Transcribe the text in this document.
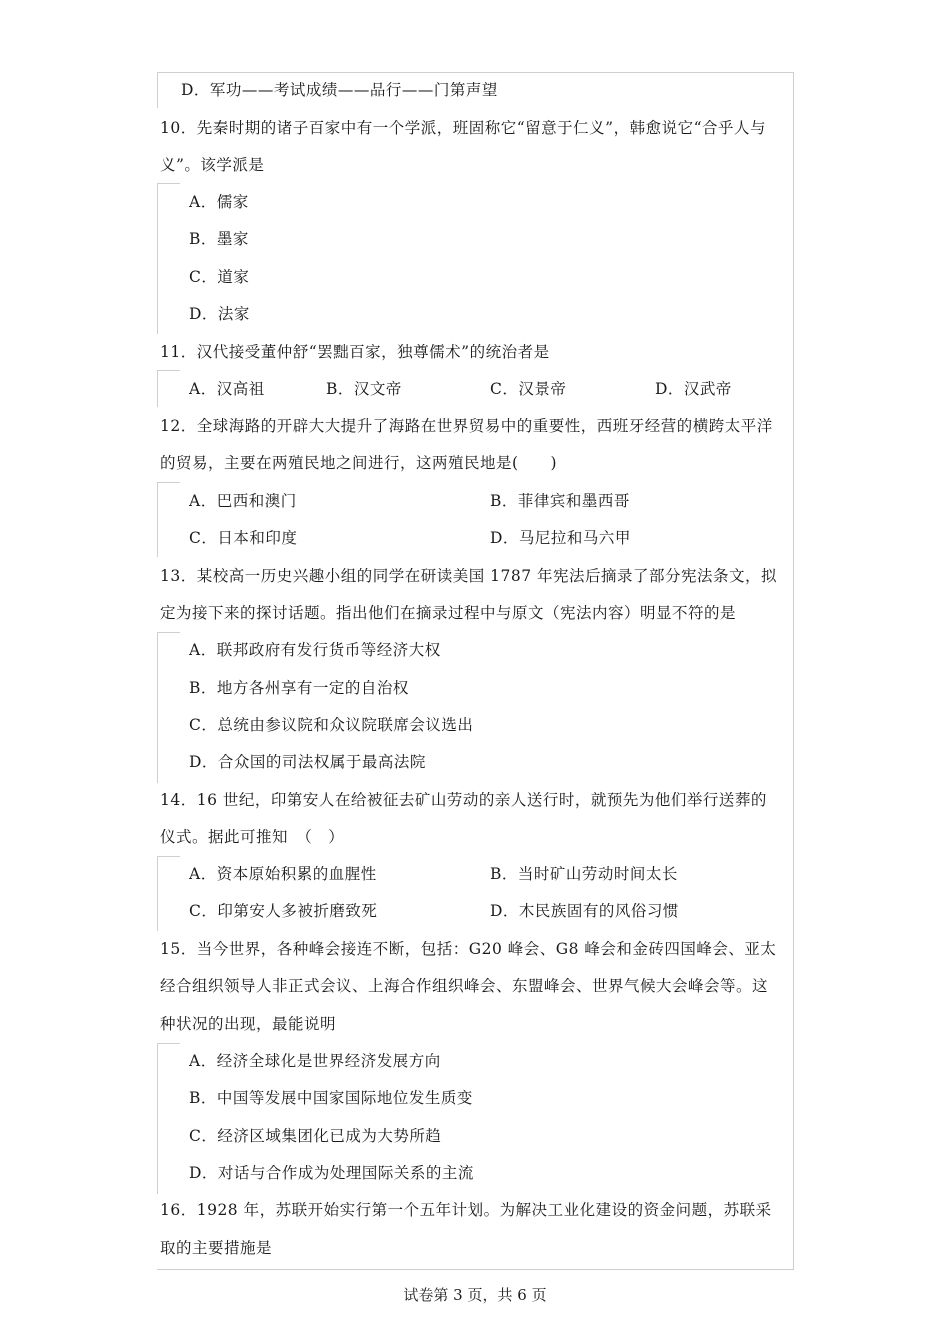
D．军功——考试成绩——品行——门第声望
10．先秦时期的诸子百家中有一个学派，班固称它“留意于仁义”，韩愈说它“合乎人与
义”。该学派是
A．儒家
B．墨家
C．道家
D．法家
11．汉代接受董仲舒“罢黜百家，独尊儒术”的统治者是
A．汉高祖	B．汉文帝	C．汉景帝	D．汉武帝
12．全球海路的开辟大大提升了海路在世界贸易中的重要性，西班牙经营的横跨太平洋
的贸易，主要在两殖民地之间进行，这两殖民地是(　　)
A．巴西和澳门	B．菲律宾和墨西哥
C．日本和印度	D．马尼拉和马六甲
13．某校高一历史兴趣小组的同学在研读美国 1787 年宪法后摘录了部分宪法条文，拟
定为接下来的探讨话题。指出他们在摘录过程中与原文（宪法内容）明显不符的是
A．联邦政府有发行货币等经济大权
B．地方各州享有一定的自治权
C．总统由参议院和众议院联席会议选出
D．合众国的司法权属于最高法院
14．16 世纪，印第安人在给被征去矿山劳动的亲人送行时，就预先为他们举行送葬的
仪式。据此可推知　（　）
A．资本原始积累的血腥性	B．当时矿山劳动时间太长
C．印第安人多被折磨致死	D．木民族固有的风俗习惯
15．当今世界，各种峰会接连不断，包括：G20 峰会、G8 峰会和金砖四国峰会、亚太
经合组织领导人非正式会议、上海合作组织峰会、东盟峰会、世界气候大会峰会等。这
种状况的出现，最能说明
A．经济全球化是世界经济发展方向
B．中国等发展中国家国际地位发生质变
C．经济区域集团化已成为大势所趋
D．对话与合作成为处理国际关系的主流
16．1928 年，苏联开始实行第一个五年计划。为解决工业化建设的资金问题，苏联采
取的主要措施是
试卷第 3 页，共 6 页
